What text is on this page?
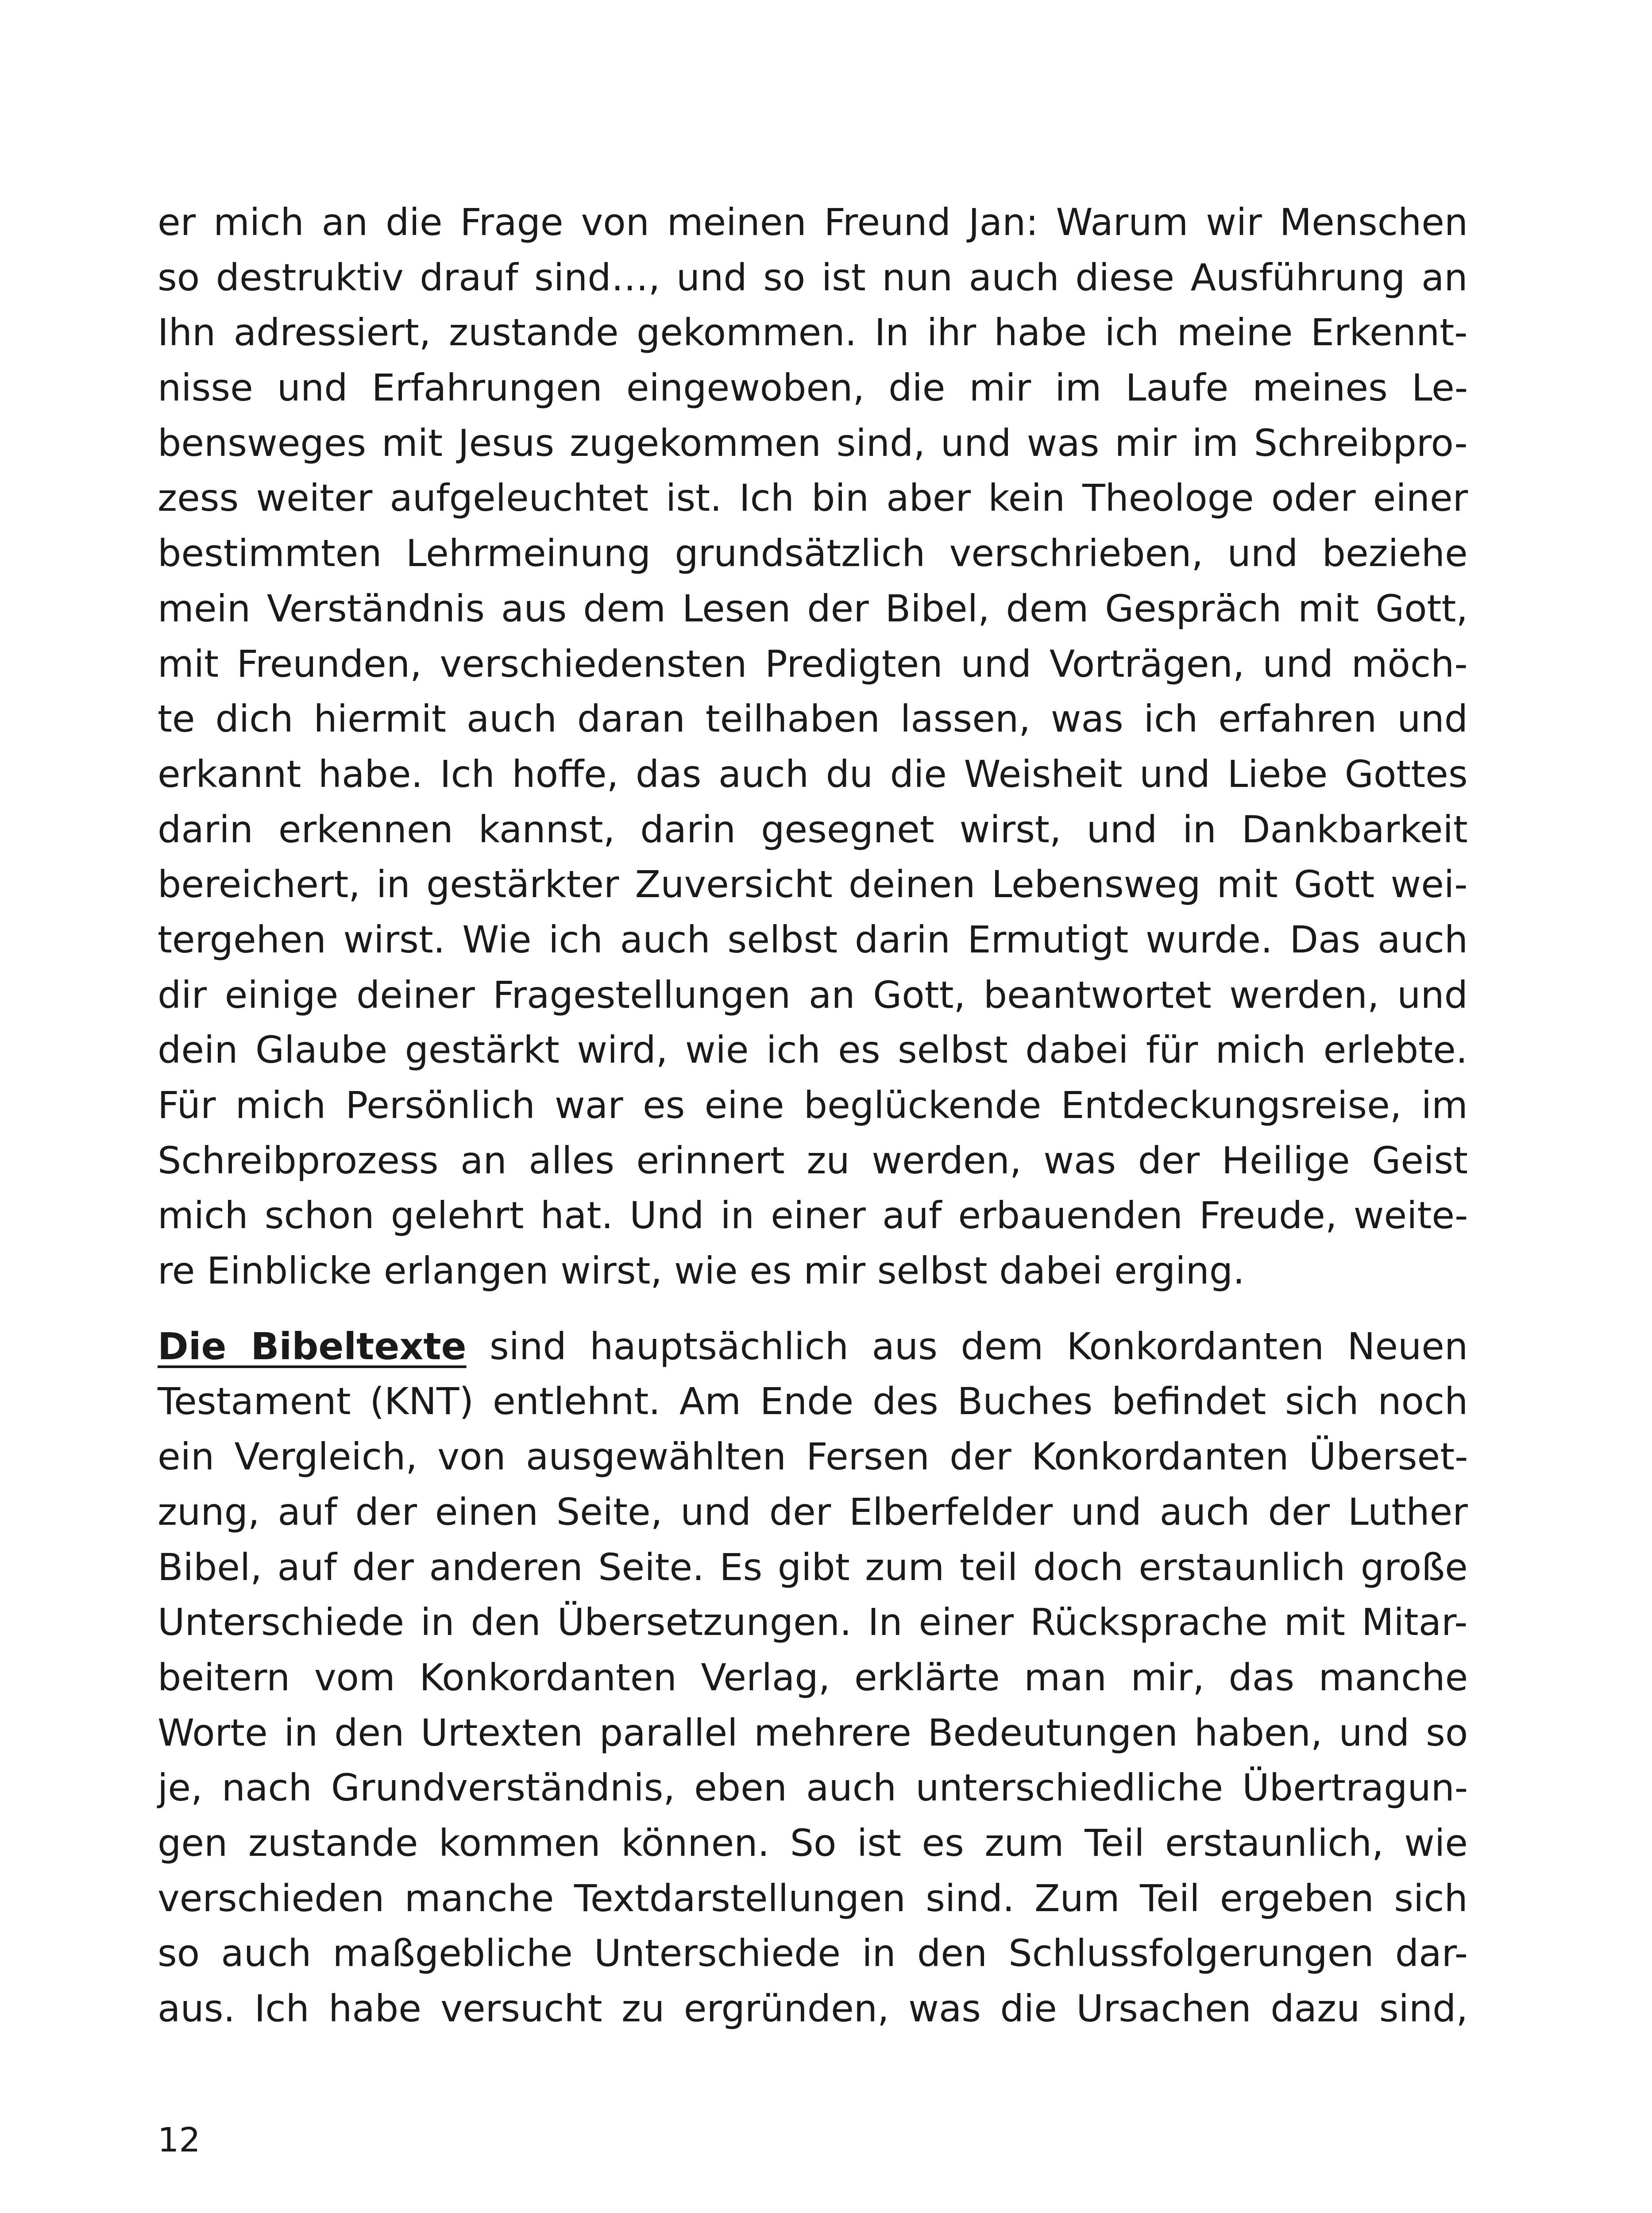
er mich an die Frage von meinen Freund Jan: Warum wir Menschen
so destruktiv drauf sind…, und so ist nun auch diese Ausführung an
Ihn adressiert, zustande gekommen. In ihr habe ich meine Erkennt-
nisse und Erfahrungen eingewoben, die mir im Laufe meines Le-
bensweges mit Jesus zugekommen sind, und was mir im Schreibpro-
zess weiter aufgeleuchtet ist. Ich bin aber kein Theologe oder einer
bestimmten Lehrmeinung grundsätzlich verschrieben, und beziehe
mein Verständnis aus dem Lesen der Bibel, dem Gespräch mit Gott,
mit Freunden, verschiedensten Predigten und Vorträgen, und möch-
te dich hiermit auch daran teilhaben lassen, was ich erfahren und
erkannt habe. Ich hoffe, das auch du die Weisheit und Liebe Gottes
darin erkennen kannst, darin gesegnet wirst, und in Dankbarkeit
bereichert, in gestärkter Zuversicht deinen Lebensweg mit Gott wei-
tergehen wirst. Wie ich auch selbst darin Ermutigt wurde. Das auch
dir einige deiner Fragestellungen an Gott, beantwortet werden, und
dein Glaube gestärkt wird, wie ich es selbst dabei für mich erlebte.
Für mich Persönlich war es eine beglückende Entdeckungsreise, im
Schreibprozess an alles erinnert zu werden, was der Heilige Geist
mich schon gelehrt hat. Und in einer auf erbauenden Freude, weite-
re Einblicke erlangen wirst, wie es mir selbst dabei erging.
Die Bibeltexte sind hauptsächlich aus dem Konkordanten Neuen
Testament (KNT) entlehnt. Am Ende des Buches befindet sich noch
ein Vergleich, von ausgewählten Fersen der Konkordanten Überset-
zung, auf der einen Seite, und der Elberfelder und auch der Luther
Bibel, auf der anderen Seite. Es gibt zum teil doch erstaunlich große
Unterschiede in den Übersetzungen. In einer Rücksprache mit Mitar-
beitern vom Konkordanten Verlag, erklärte man mir, das manche
Worte in den Urtexten parallel mehrere Bedeutungen haben, und so
je, nach Grundverständnis, eben auch unterschiedliche Übertragun-
gen zustande kommen können. So ist es zum Teil erstaunlich, wie
verschieden manche Textdarstellungen sind. Zum Teil ergeben sich
so auch maßgebliche Unterschiede in den Schlussfolgerungen dar-
aus. Ich habe versucht zu ergründen, was die Ursachen dazu sind,
12
